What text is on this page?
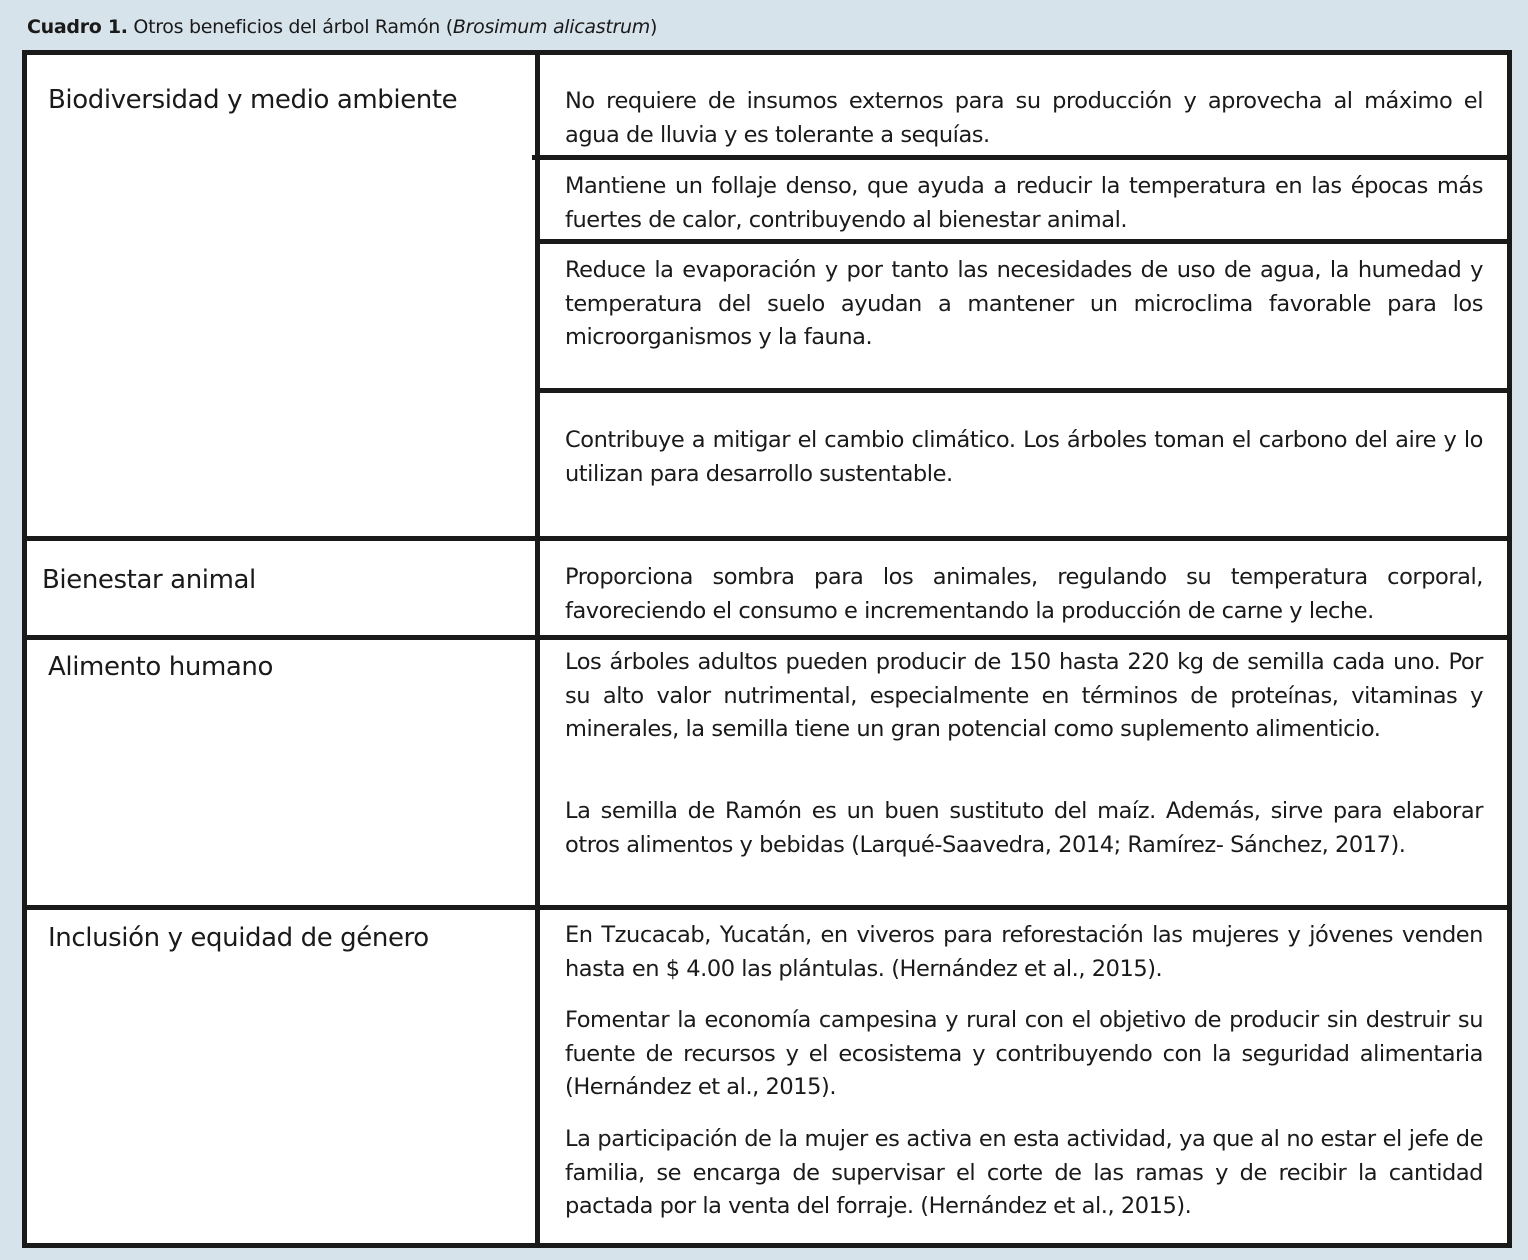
Cuadro 1. Otros beneficios del árbol Ramón (Brosimum alicastrum)
Biodiversidad y medio ambiente
Bienestar animal
Alimento humano
Inclusión y equidad de género
No requiere de insumos externos para su producción y aprovecha al máximo el agua de lluvia y es tolerante a sequías.
Mantiene un follaje denso, que ayuda a reducir la temperatura en las épocas más fuertes de calor, contribuyendo al bienestar animal.
Reduce la evaporación y por tanto las necesidades de uso de agua, la humedad y temperatura del suelo ayudan a mantener un microclima favorable para los microorganismos y la fauna.
Contribuye a mitigar el cambio climático. Los árboles toman el carbono del aire y lo utilizan para desarrollo sustentable.
Proporciona sombra para los animales, regulando su temperatura corporal, favoreciendo el consumo e incrementando la producción de carne y leche.
Los árboles adultos pueden producir de 150 hasta 220 kg de semilla cada uno. Por su alto valor nutrimental, especialmente en términos de proteínas, vitaminas y minerales, la semilla tiene un gran potencial como suplemento alimenticio.
La semilla de Ramón es un buen sustituto del maíz. Además, sirve para elaborar otros alimentos y bebidas (Larqué-Saavedra, 2014; Ramírez- Sánchez, 2017).
En Tzucacab, Yucatán, en viveros para reforestación las mujeres y jóvenes venden hasta en $ 4.00 las plántulas. (Hernández et al., 2015).
Fomentar la economía campesina y rural con el objetivo de producir sin destruir su fuente de recursos y el ecosistema y contribuyendo con la seguridad alimentaria (Hernández et al., 2015).
La participación de la mujer es activa en esta actividad, ya que al no estar el jefe de familia, se encarga de supervisar el corte de las ramas y de recibir la cantidad pactada por la venta del forraje. (Hernández et al., 2015).
